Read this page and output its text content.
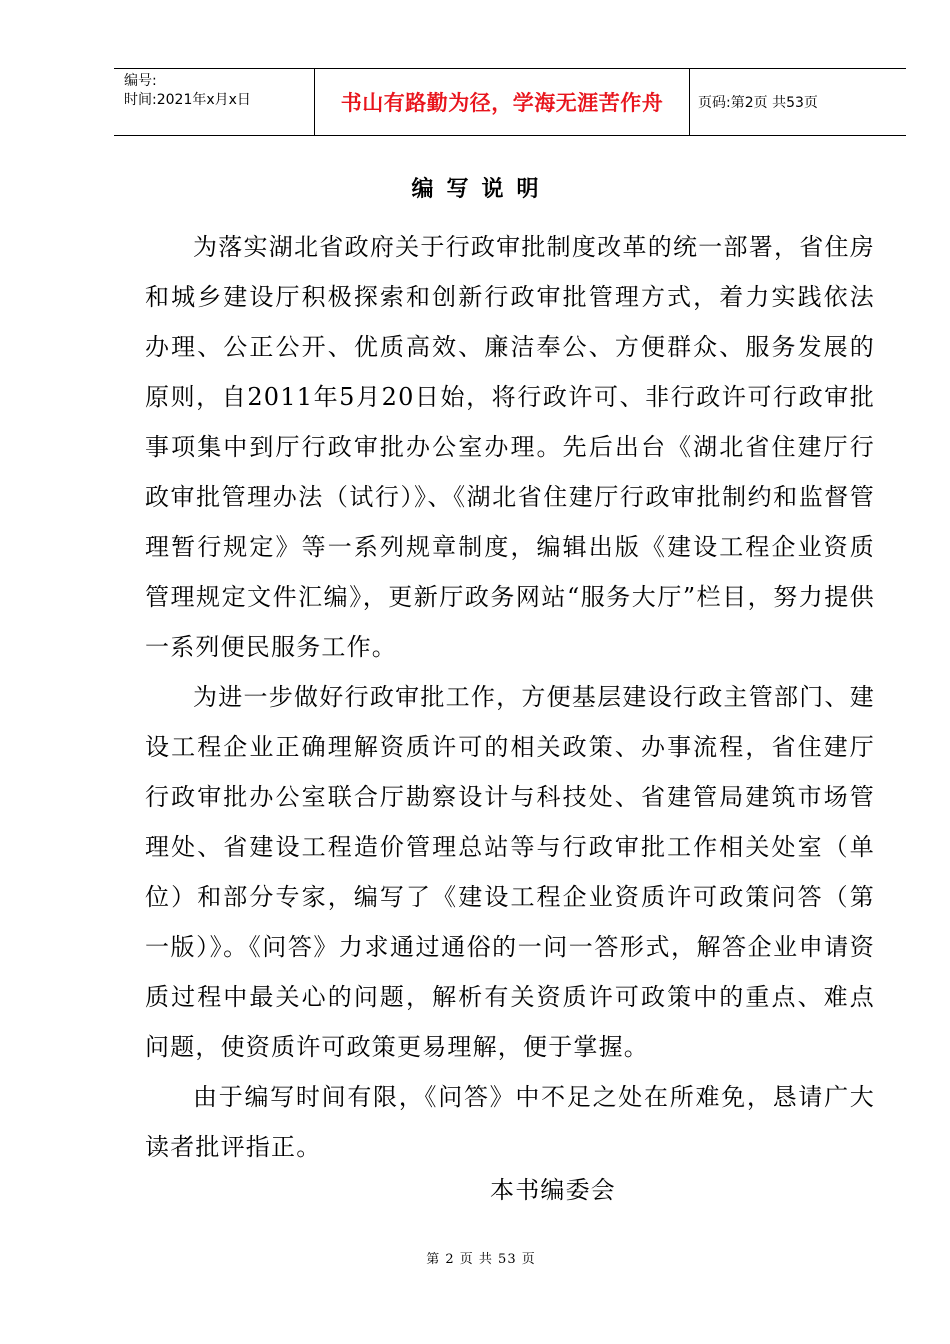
编号:
时间:2021年x月x日	书山有路勤为径，学海无涯苦作舟	页码:第2页 共53页
编写说明

为落实湖北省政府关于行政审批制度改革的统一部署，省住房和城乡建设厅积极探索和创新行政审批管理方式，着力实践依法办理、公正公开、优质高效、廉洁奉公、方便群众、服务发展的原则，自2011年5月20日始，将行政许可、非行政许可行政审批事项集中到厅行政审批办公室办理。先后出台《湖北省住建厅行政审批管理办法（试行）》、《湖北省住建厅行政审批制约和监督管理暂行规定》等一系列规章制度，编辑出版《建设工程企业资质管理规定文件汇编》，更新厅政务网站“服务大厅”栏目，努力提供一系列便民服务工作。

为进一步做好行政审批工作，方便基层建设行政主管部门、建设工程企业正确理解资质许可的相关政策、办事流程，省住建厅行政审批办公室联合厅勘察设计与科技处、省建管局建筑市场管理处、省建设工程造价管理总站等与行政审批工作相关处室（单位）和部分专家，编写了《建设工程企业资质许可政策问答（第一版）》。《问答》力求通过通俗的一问一答形式，解答企业申请资质过程中最关心的问题，解析有关资质许可政策中的重点、难点问题，使资质许可政策更易理解，便于掌握。

由于编写时间有限，《问答》中不足之处在所难免，恳请广大读者批评指正。

本书编委会
第 2 页 共 53 页
